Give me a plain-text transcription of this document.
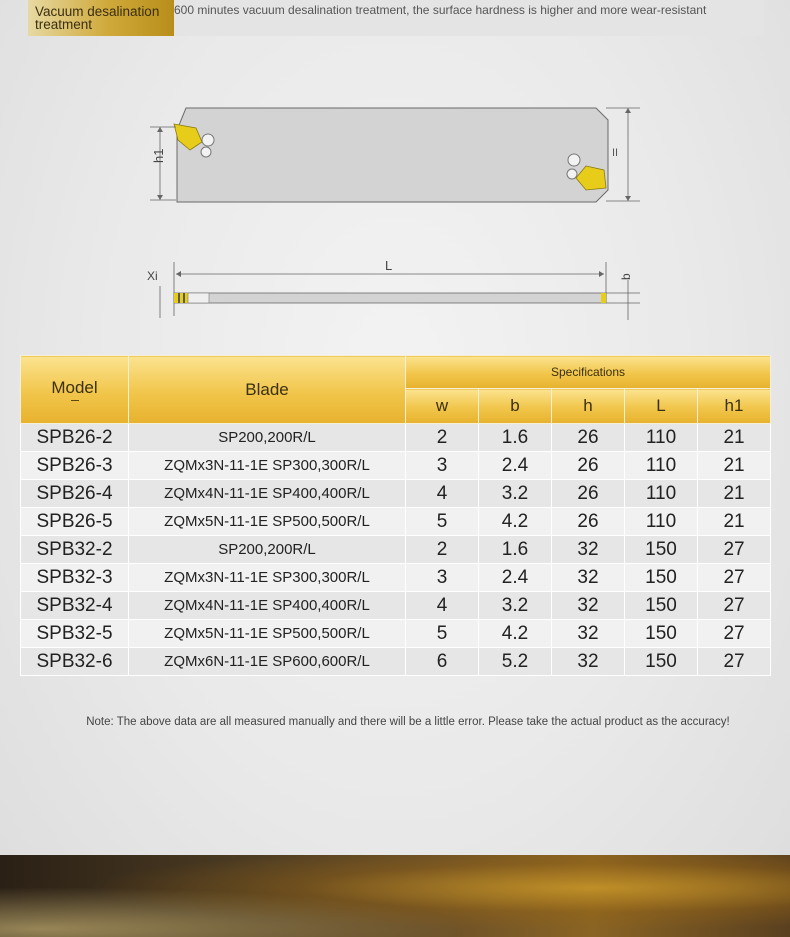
Vacuum desalination treatment
600 minutes vacuum desalination treatment, the surface hardness is higher and more wear-resistant
h1	II
L
Xi	b
Model	Blade	Specifications				
		w	b	h	L	h1
SPB26-2	SP200,200R/L	2	1.6	26	110	21
SPB26-3	ZQMx3N-11-1E SP300,300R/L	3	2.4	26	110	21
SPB26-4	ZQMx4N-11-1E SP400,400R/L	4	3.2	26	110	21
SPB26-5	ZQMx5N-11-1E SP500,500R/L	5	4.2	26	110	21
SPB32-2	SP200,200R/L	2	1.6	32	150	27
SPB32-3	ZQMx3N-11-1E SP300,300R/L	3	2.4	32	150	27
SPB32-4	ZQMx4N-11-1E SP400,400R/L	4	3.2	32	150	27
SPB32-5	ZQMx5N-11-1E SP500,500R/L	5	4.2	32	150	27
SPB32-6	ZQMx6N-11-1E SP600,600R/L	6	5.2	32	150	27
Note: The above data are all measured manually and there will be a little error. Please take the actual product as the accuracy!
